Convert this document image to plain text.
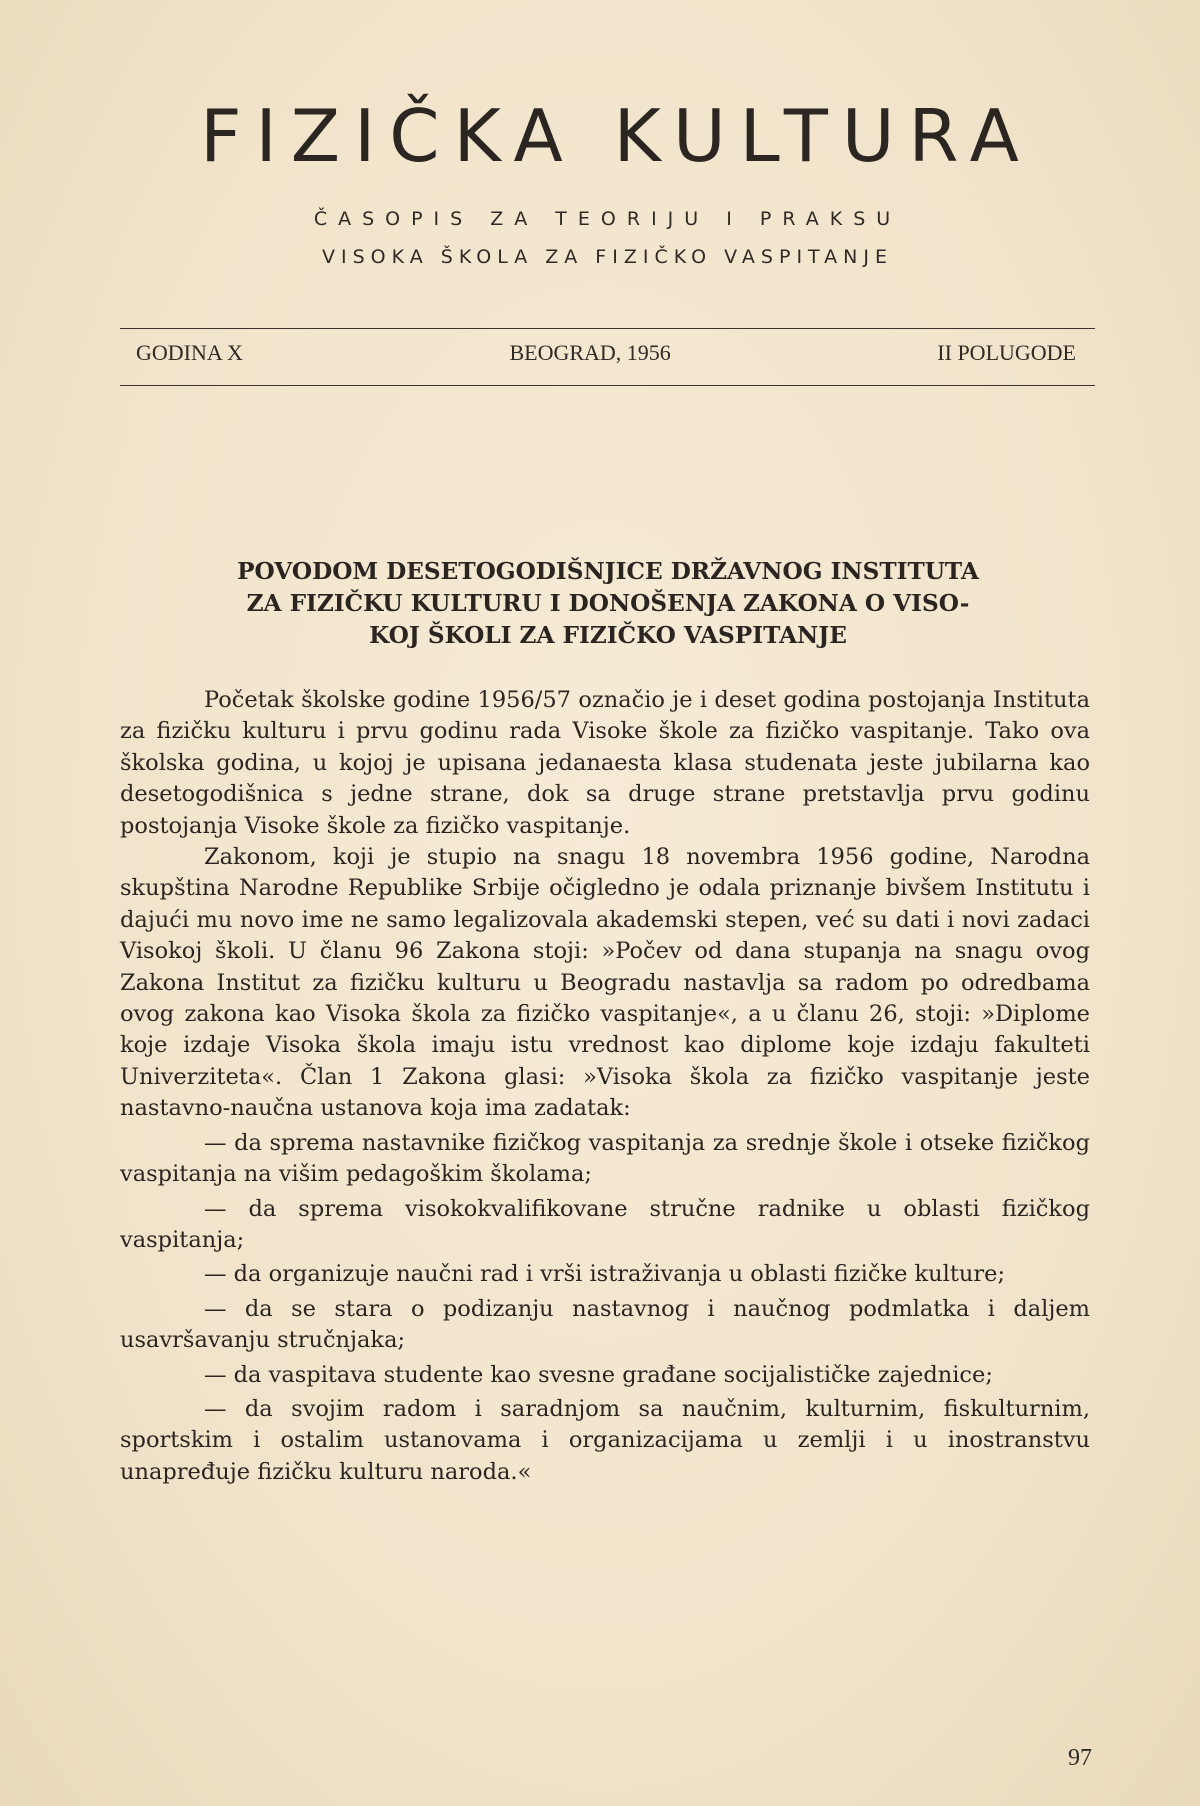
FIZIČKA KULTURA
ČASOPIS ZA TEORIJU I PRAKSU
VISOKA ŠKOLA ZA FIZIČKO VASPITANJE
GODINA X	BEOGRAD, 1956	II POLUGODE
POVODOM DESETOGODIŠNJICE DRŽAVNOG INSTITUTA
ZA FIZIČKU KULTURU I DONOŠENJA ZAKONA O VISO-
KOJ ŠKOLI ZA FIZIČKO VASPITANJE

Početak školske godine 1956/57 označio je i deset godina postojanja Instituta za fizičku kulturu i prvu godinu rada Visoke škole za fizičko vaspitanje. Tako ova školska godina, u kojoj je upisana jedanaesta klasa studenata jeste jubilarna kao desetogodišnica s jedne strane, dok sa druge strane pretstavlja prvu godinu postojanja Visoke škole za fizičko vaspitanje.

Zakonom, koji je stupio na snagu 18 novembra 1956 godine, Narodna skupština Narodne Republike Srbije očigledno je odala priznanje bivšem Institutu i dajući mu novo ime ne samo legalizovala akademski stepen, već su dati i novi zadaci Visokoj školi. U članu 96 Zakona stoji: »Počev od dana stupanja na snagu ovog Zakona Institut za fizičku kulturu u Beogradu nastavlja sa radom po odredbama ovog zakona kao Visoka škola za fizičko vaspitanje«, a u članu 26, stoji: »Diplome koje izdaje Visoka škola imaju istu vrednost kao diplome koje izdaju fakulteti Univerziteta«. Član 1 Zakona glasi: »Visoka škola za fizičko vaspitanje jeste nastavno-naučna ustanova koja ima zadatak:

— da sprema nastavnike fizičkog vaspitanja za srednje škole i otseke fizičkog vaspitanja na višim pedagoškim školama;

— da sprema visokokvalifikovane stručne radnike u oblasti fizičkog vaspitanja;

— da organizuje naučni rad i vrši istraživanja u oblasti fizičke kulture;

— da se stara o podizanju nastavnog i naučnog podmlatka i daljem usavršavanju stručnjaka;

— da vaspitava studente kao svesne građane socijalističke zajednice;

— da svojim radom i saradnjom sa naučnim, kulturnim, fiskulturnim, sportskim i ostalim ustanovama i organizacijama u zemlji i u inostranstvu unapređuje fizičku kulturu naroda.«

97
